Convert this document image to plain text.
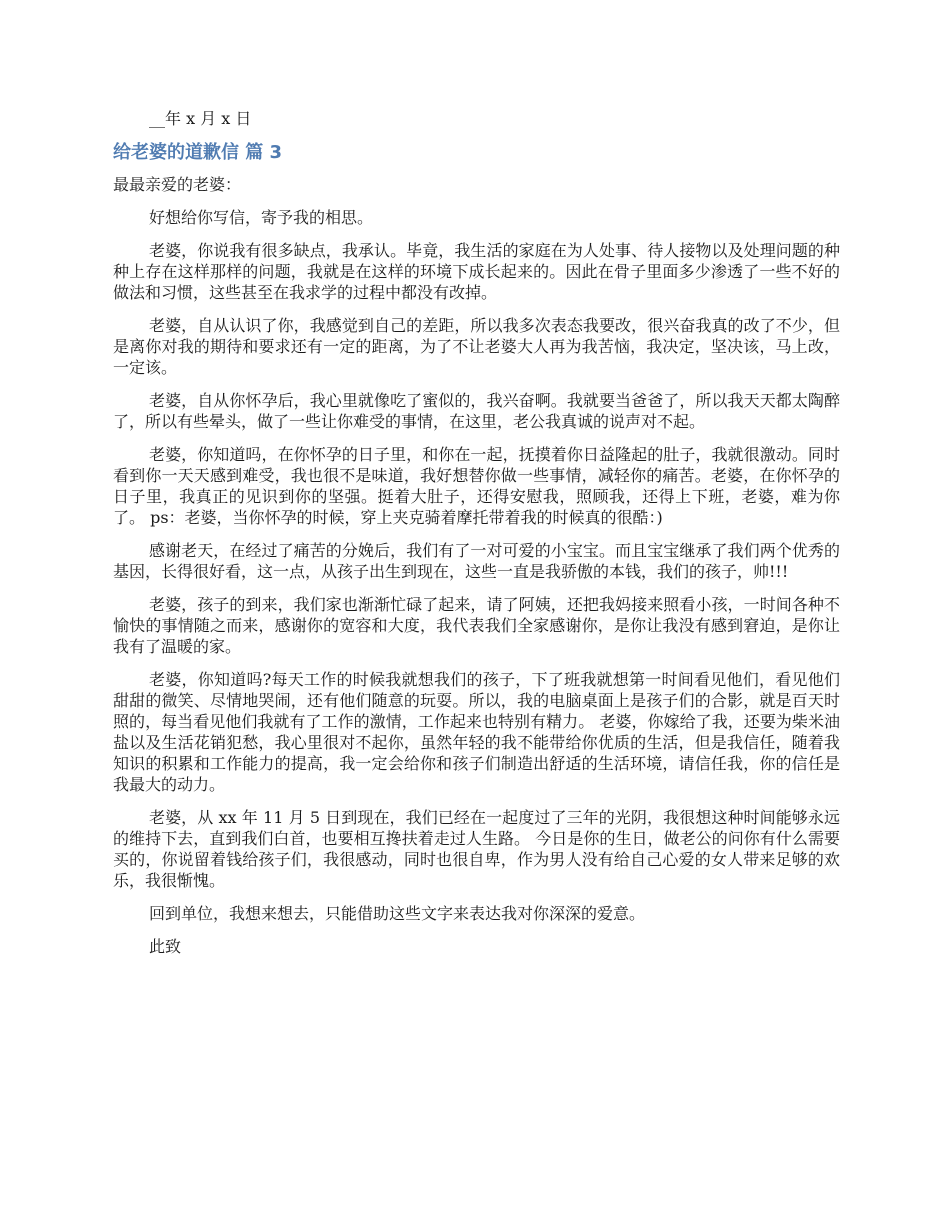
__年 x 月 x 日

给老婆的道歉信 篇 3

最最亲爱的老婆：

好想给你写信，寄予我的相思。

老婆，你说我有很多缺点，我承认。毕竟，我生活的家庭在为人处事、待人接物以及处理问题的种种上存在这样那样的问题，我就是在这样的环境下成长起来的。因此在骨子里面多少渗透了一些不好的做法和习惯，这些甚至在我求学的过程中都没有改掉。

老婆，自从认识了你，我感觉到自己的差距，所以我多次表态我要改，很兴奋我真的改了不少，但是离你对我的期待和要求还有一定的距离，为了不让老婆大人再为我苦恼，我决定，坚决该，马上改，一定该。

老婆，自从你怀孕后，我心里就像吃了蜜似的，我兴奋啊。我就要当爸爸了，所以我天天都太陶醉了，所以有些晕头，做了一些让你难受的事情，在这里，老公我真诚的说声对不起。

老婆，你知道吗，在你怀孕的日子里，和你在一起，抚摸着你日益隆起的肚子，我就很激动。同时看到你一天天感到难受，我也很不是味道，我好想替你做一些事情，减轻你的痛苦。老婆，在你怀孕的日子里，我真正的见识到你的坚强。挺着大肚子，还得安慰我，照顾我，还得上下班，老婆，难为你了。 ps：老婆，当你怀孕的时候，穿上夹克骑着摩托带着我的时候真的很酷：)

感谢老天，在经过了痛苦的分娩后，我们有了一对可爱的小宝宝。而且宝宝继承了我们两个优秀的基因，长得很好看，这一点，从孩子出生到现在，这些一直是我骄傲的本钱，我们的孩子，帅!!!

老婆，孩子的到来，我们家也渐渐忙碌了起来，请了阿姨，还把我妈接来照看小孩，一时间各种不愉快的事情随之而来，感谢你的宽容和大度，我代表我们全家感谢你，是你让我没有感到窘迫，是你让我有了温暖的家。

老婆，你知道吗?每天工作的时候我就想我们的孩子，下了班我就想第一时间看见他们，看见他们甜甜的微笑、尽情地哭闹，还有他们随意的玩耍。所以，我的电脑桌面上是孩子们的合影，就是百天时照的，每当看见他们我就有了工作的激情，工作起来也特别有精力。 老婆，你嫁给了我，还要为柴米油盐以及生活花销犯愁，我心里很对不起你，虽然年轻的我不能带给你优质的生活，但是我信任，随着我知识的积累和工作能力的提高，我一定会给你和孩子们制造出舒适的生活环境，请信任我，你的信任是我最大的动力。

老婆，从 xx 年 11 月 5 日到现在，我们已经在一起度过了三年的光阴，我很想这种时间能够永远的维持下去，直到我们白首，也要相互搀扶着走过人生路。 今日是你的生日，做老公的问你有什么需要买的，你说留着钱给孩子们，我很感动，同时也很自卑，作为男人没有给自己心爱的女人带来足够的欢乐，我很惭愧。

回到单位，我想来想去，只能借助这些文字来表达我对你深深的爱意。

此致
